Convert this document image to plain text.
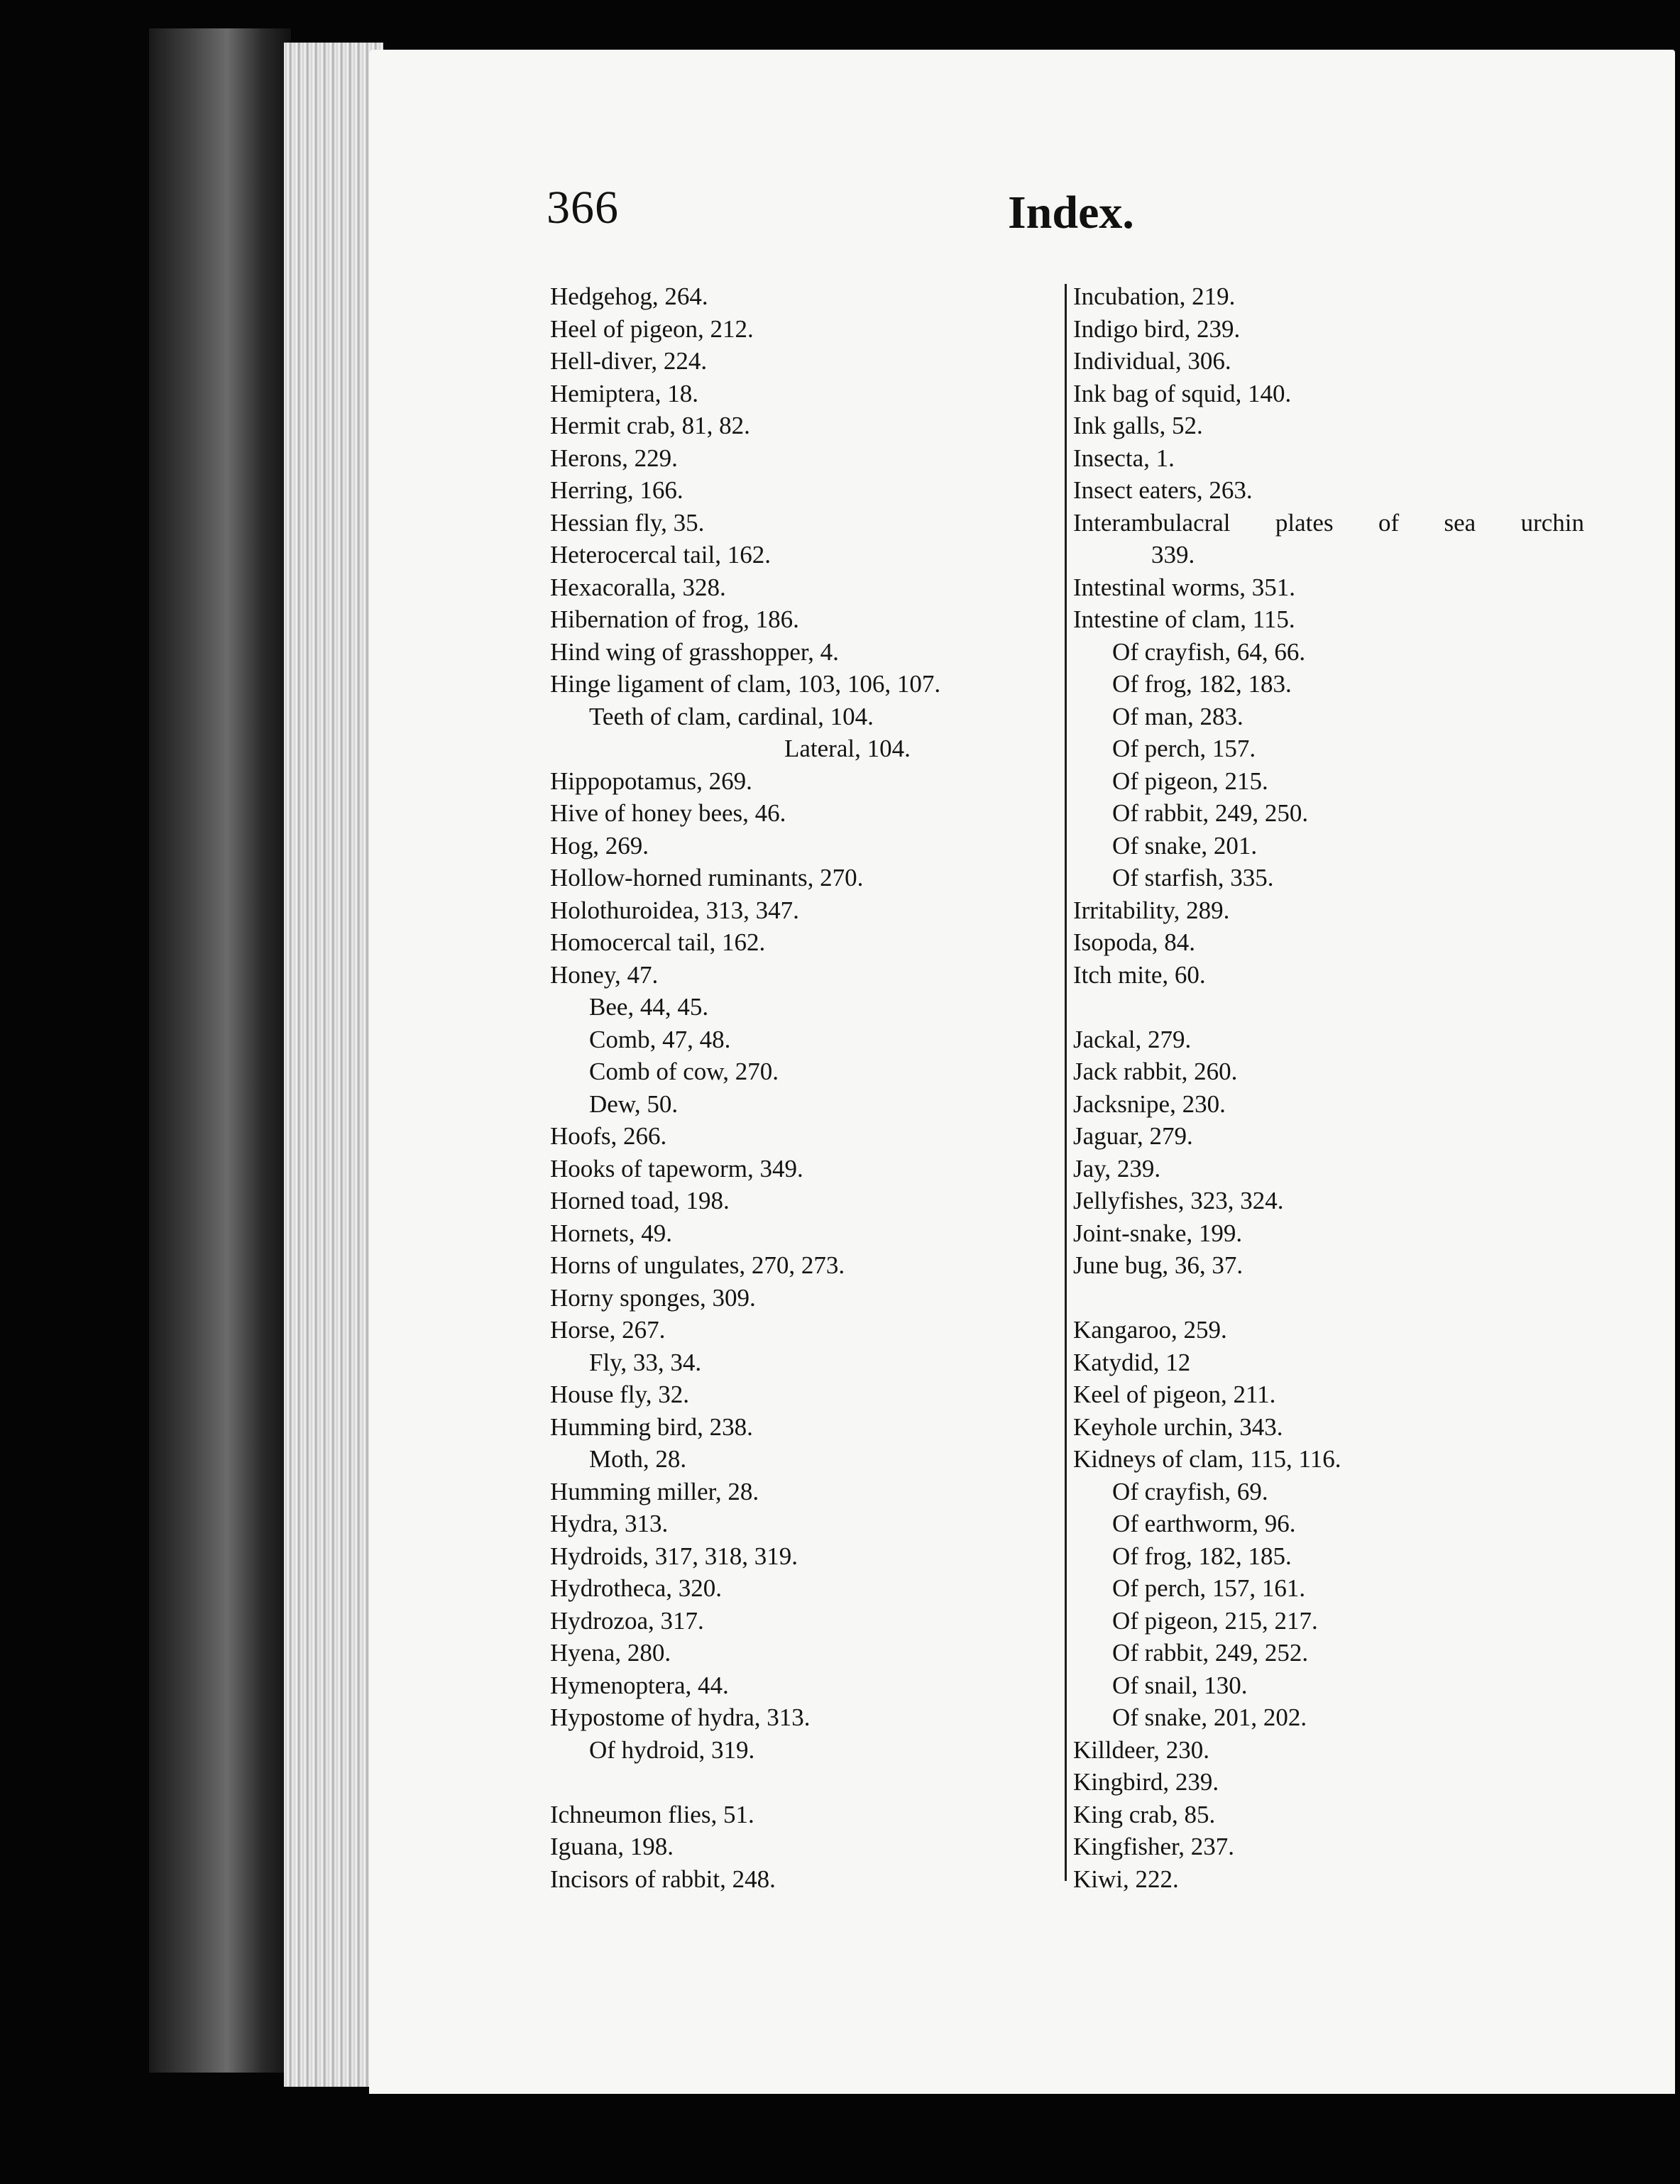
366	Index.
Hedgehog, 264.
Heel of pigeon, 212.
Hell-diver, 224.
Hemiptera, 18.
Hermit crab, 81, 82.
Herons, 229.
Herring, 166.
Hessian fly, 35.
Heterocercal tail, 162.
Hexacoralla, 328.
Hibernation of frog, 186.
Hind wing of grasshopper, 4.
Hinge ligament of clam, 103, 106, 107.
Teeth of clam, cardinal, 104.
Lateral, 104.
Hippopotamus, 269.
Hive of honey bees, 46.
Hog, 269.
Hollow-horned ruminants, 270.
Holothuroidea, 313, 347.
Homocercal tail, 162.
Honey, 47.
Bee, 44, 45.
Comb, 47, 48.
Comb of cow, 270.
Dew, 50.
Hoofs, 266.
Hooks of tapeworm, 349.
Horned toad, 198.
Hornets, 49.
Horns of ungulates, 270, 273.
Horny sponges, 309.
Horse, 267.
Fly, 33, 34.
House fly, 32.
Humming bird, 238.
Moth, 28.
Humming miller, 28.
Hydra, 313.
Hydroids, 317, 318, 319.
Hydrotheca, 320.
Hydrozoa, 317.
Hyena, 280.
Hymenoptera, 44.
Hypostome of hydra, 313.
Of hydroid, 319.
Ichneumon flies, 51.
Iguana, 198.
Incisors of rabbit, 248.
Incubation, 219.
Indigo bird, 239.
Individual, 306.
Ink bag of squid, 140.
Ink galls, 52.
Insecta, 1.
Insect eaters, 263.
Interambulacral plates of sea urchin
339.
Intestinal worms, 351.
Intestine of clam, 115.
Of crayfish, 64, 66.
Of frog, 182, 183.
Of man, 283.
Of perch, 157.
Of pigeon, 215.
Of rabbit, 249, 250.
Of snake, 201.
Of starfish, 335.
Irritability, 289.
Isopoda, 84.
Itch mite, 60.
Jackal, 279.
Jack rabbit, 260.
Jacksnipe, 230.
Jaguar, 279.
Jay, 239.
Jellyfishes, 323, 324.
Joint-snake, 199.
June bug, 36, 37.
Kangaroo, 259.
Katydid, 12
Keel of pigeon, 211.
Keyhole urchin, 343.
Kidneys of clam, 115, 116.
Of crayfish, 69.
Of earthworm, 96.
Of frog, 182, 185.
Of perch, 157, 161.
Of pigeon, 215, 217.
Of rabbit, 249, 252.
Of snail, 130.
Of snake, 201, 202.
Killdeer, 230.
Kingbird, 239.
King crab, 85.
Kingfisher, 237.
Kiwi, 222.
